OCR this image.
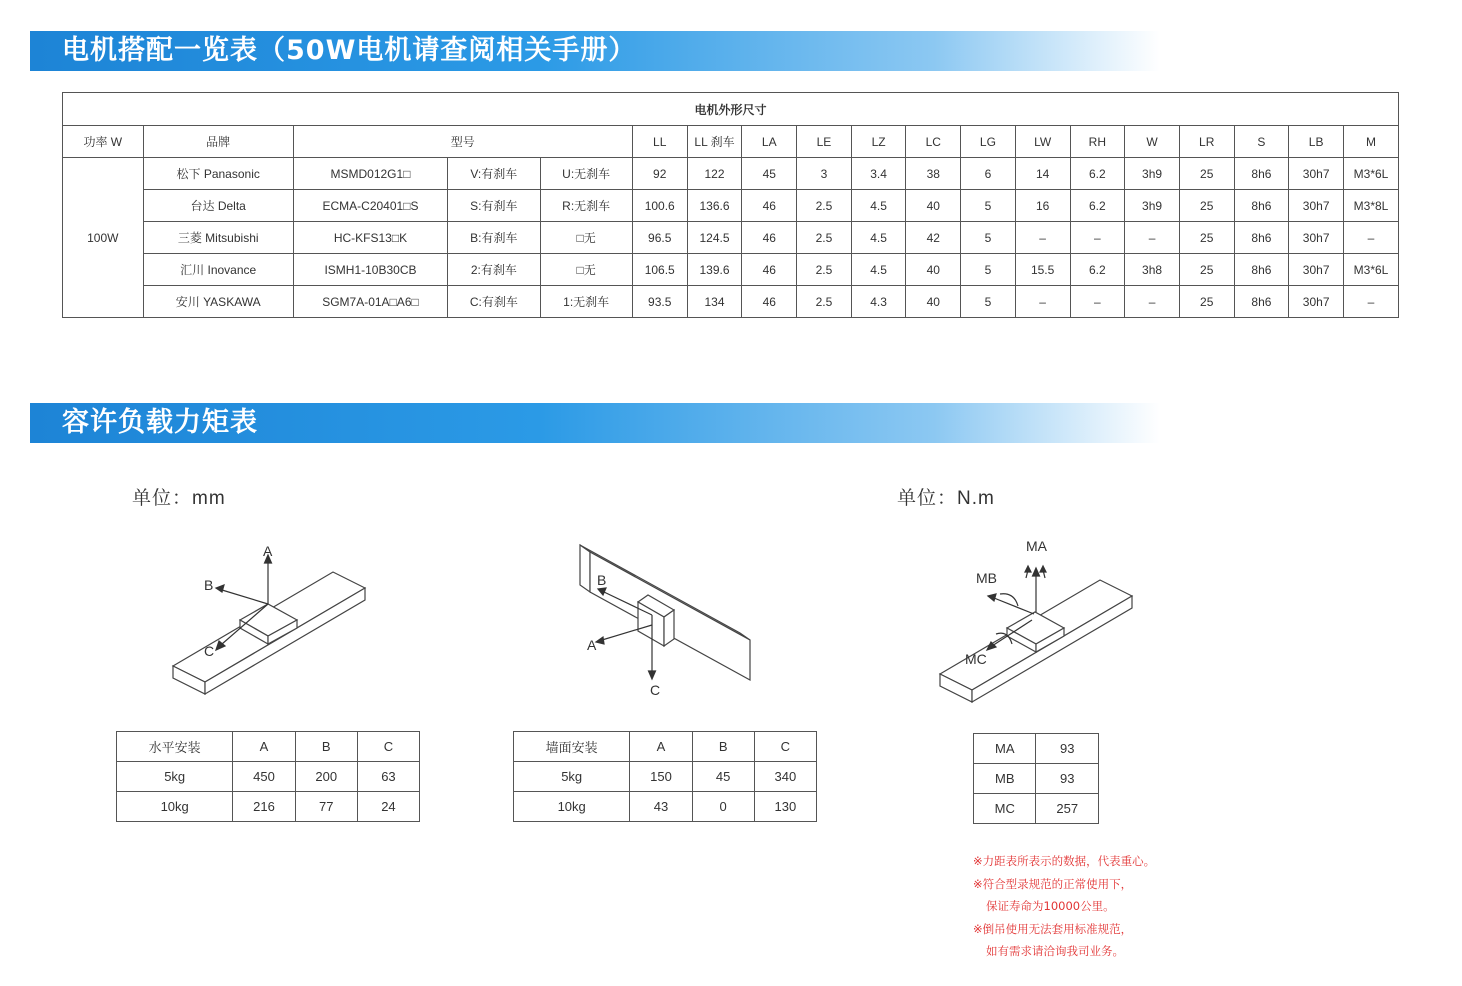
电机搭配一览表（50W电机请查阅相关手册）
电机外形尺寸																		
功率 W	品牌	型号			LL	LL 刹车	LA	LE	LZ	LC	LG	LW	RH	W	LR	S	LB	M
100W	松下 Panasonic	MSMD012G1□	V:有刹车	U:无刹车	92	122	45	3	3.4	38	6	14	6.2	3h9	25	8h6	30h7	M3*6L
	台达 Delta	ECMA-C20401□S	S:有刹车	R:无刹车	100.6	136.6	46	2.5	4.5	40	5	16	6.2	3h9	25	8h6	30h7	M3*8L
	三菱 Mitsubishi	HC-KFS13□K	B:有刹车	□无	96.5	124.5	46	2.5	4.5	42	5	–	–	–	25	8h6	30h7	–
	汇川 Inovance	ISMH1-10B30CB	2:有刹车	□无	106.5	139.6	46	2.5	4.5	40	5	15.5	6.2	3h8	25	8h6	30h7	M3*6L
	安川 YASKAWA	SGM7A-01A□A6□	C:有刹车	1:无刹车	93.5	134	46	2.5	4.3	40	5	–	–	–	25	8h6	30h7	–
容许负载力矩表
单位：mm	单位：N.m
A
B
C
B
A
C
MA
MB
MC
水平安装	A	B	C
5kg	450	200	63
10kg	216	77	24
墙面安装	A	B	C
5kg	150	45	340
10kg	43	0	130
MA	93
MB	93
MC	257
※力距表所表示的数据，代表重心。
※符合型录规范的正常使用下，
保证寿命为10000公里。
※倒吊使用无法套用标准规范，
如有需求请洽询我司业务。
